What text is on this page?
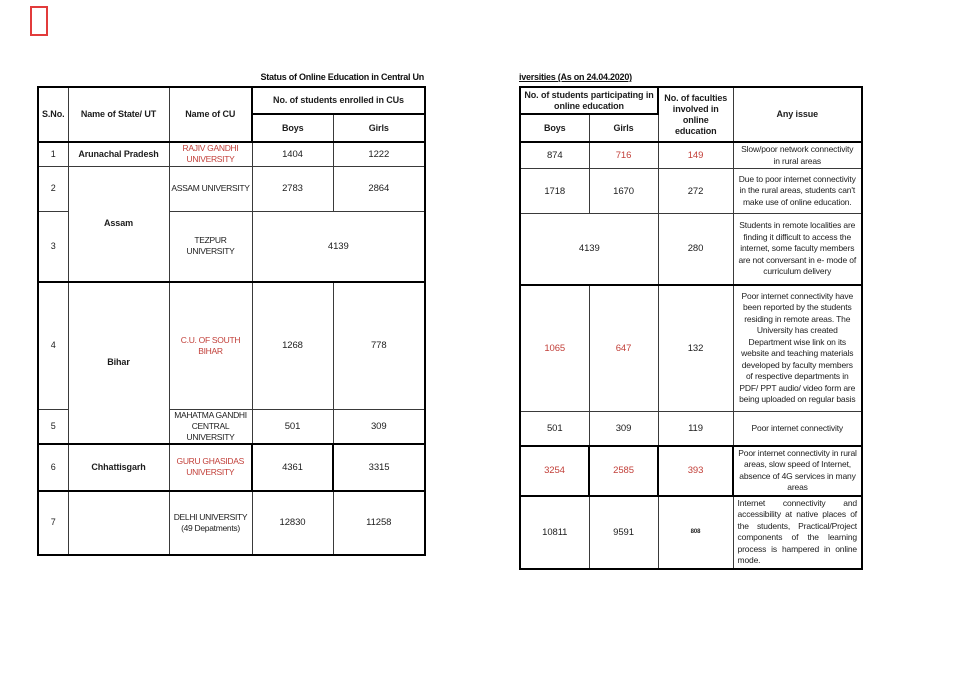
Status of Online Education in Central Un	iversities (As on 24.04.2020)
S.No.	Name of State/ UT	Name of CU	No. of students enrolled in CUs	
			Boys	Girls
1	Arunachal Pradesh	RAJIV GANDHI UNIVERSITY	1404	1222
2	Assam	ASSAM UNIVERSITY	2783	2864
3		TEZPUR UNIVERSITY	4139	
4	Bihar	C.U. OF SOUTH BIHAR	1268	778
5		MAHATMA GANDHI CENTRAL UNIVERSITY	501	309
6	Chhattisgarh	GURU GHASIDAS UNIVERSITY	4361	3315
7		DELHI UNIVERSITY (49 Depatments)	12830	11258
No. of students participating in online education		No. of faculties involved in online education	Any issue
Boys	Girls		
874	716	149	Slow/poor network connectivity in rural areas
1718	1670	272	Due to poor internet connectivity in the rural areas, students can't make use of online education.
4139		280	Students in remote localities are finding it difficult to access the internet, some faculty members are not conversant in e- mode of curriculum delivery
1065	647	132	Poor internet connectivity have been reported by the students residing in remote areas. The University has created Department wise link on its website and teaching materials developed by faculty members of respective departments in PDF/ PPT audio/ video form are being uploaded on regular basis
501	309	119	Poor internet connectivity
3254	2585	393	Poor internet connectivity in rural areas, slow speed of Internet, absence of 4G services in many areas
10811	9591	808	Internet connectivity and accessibility at native places of the students, Practical/Project components of the learning process is hampered in online mode.
